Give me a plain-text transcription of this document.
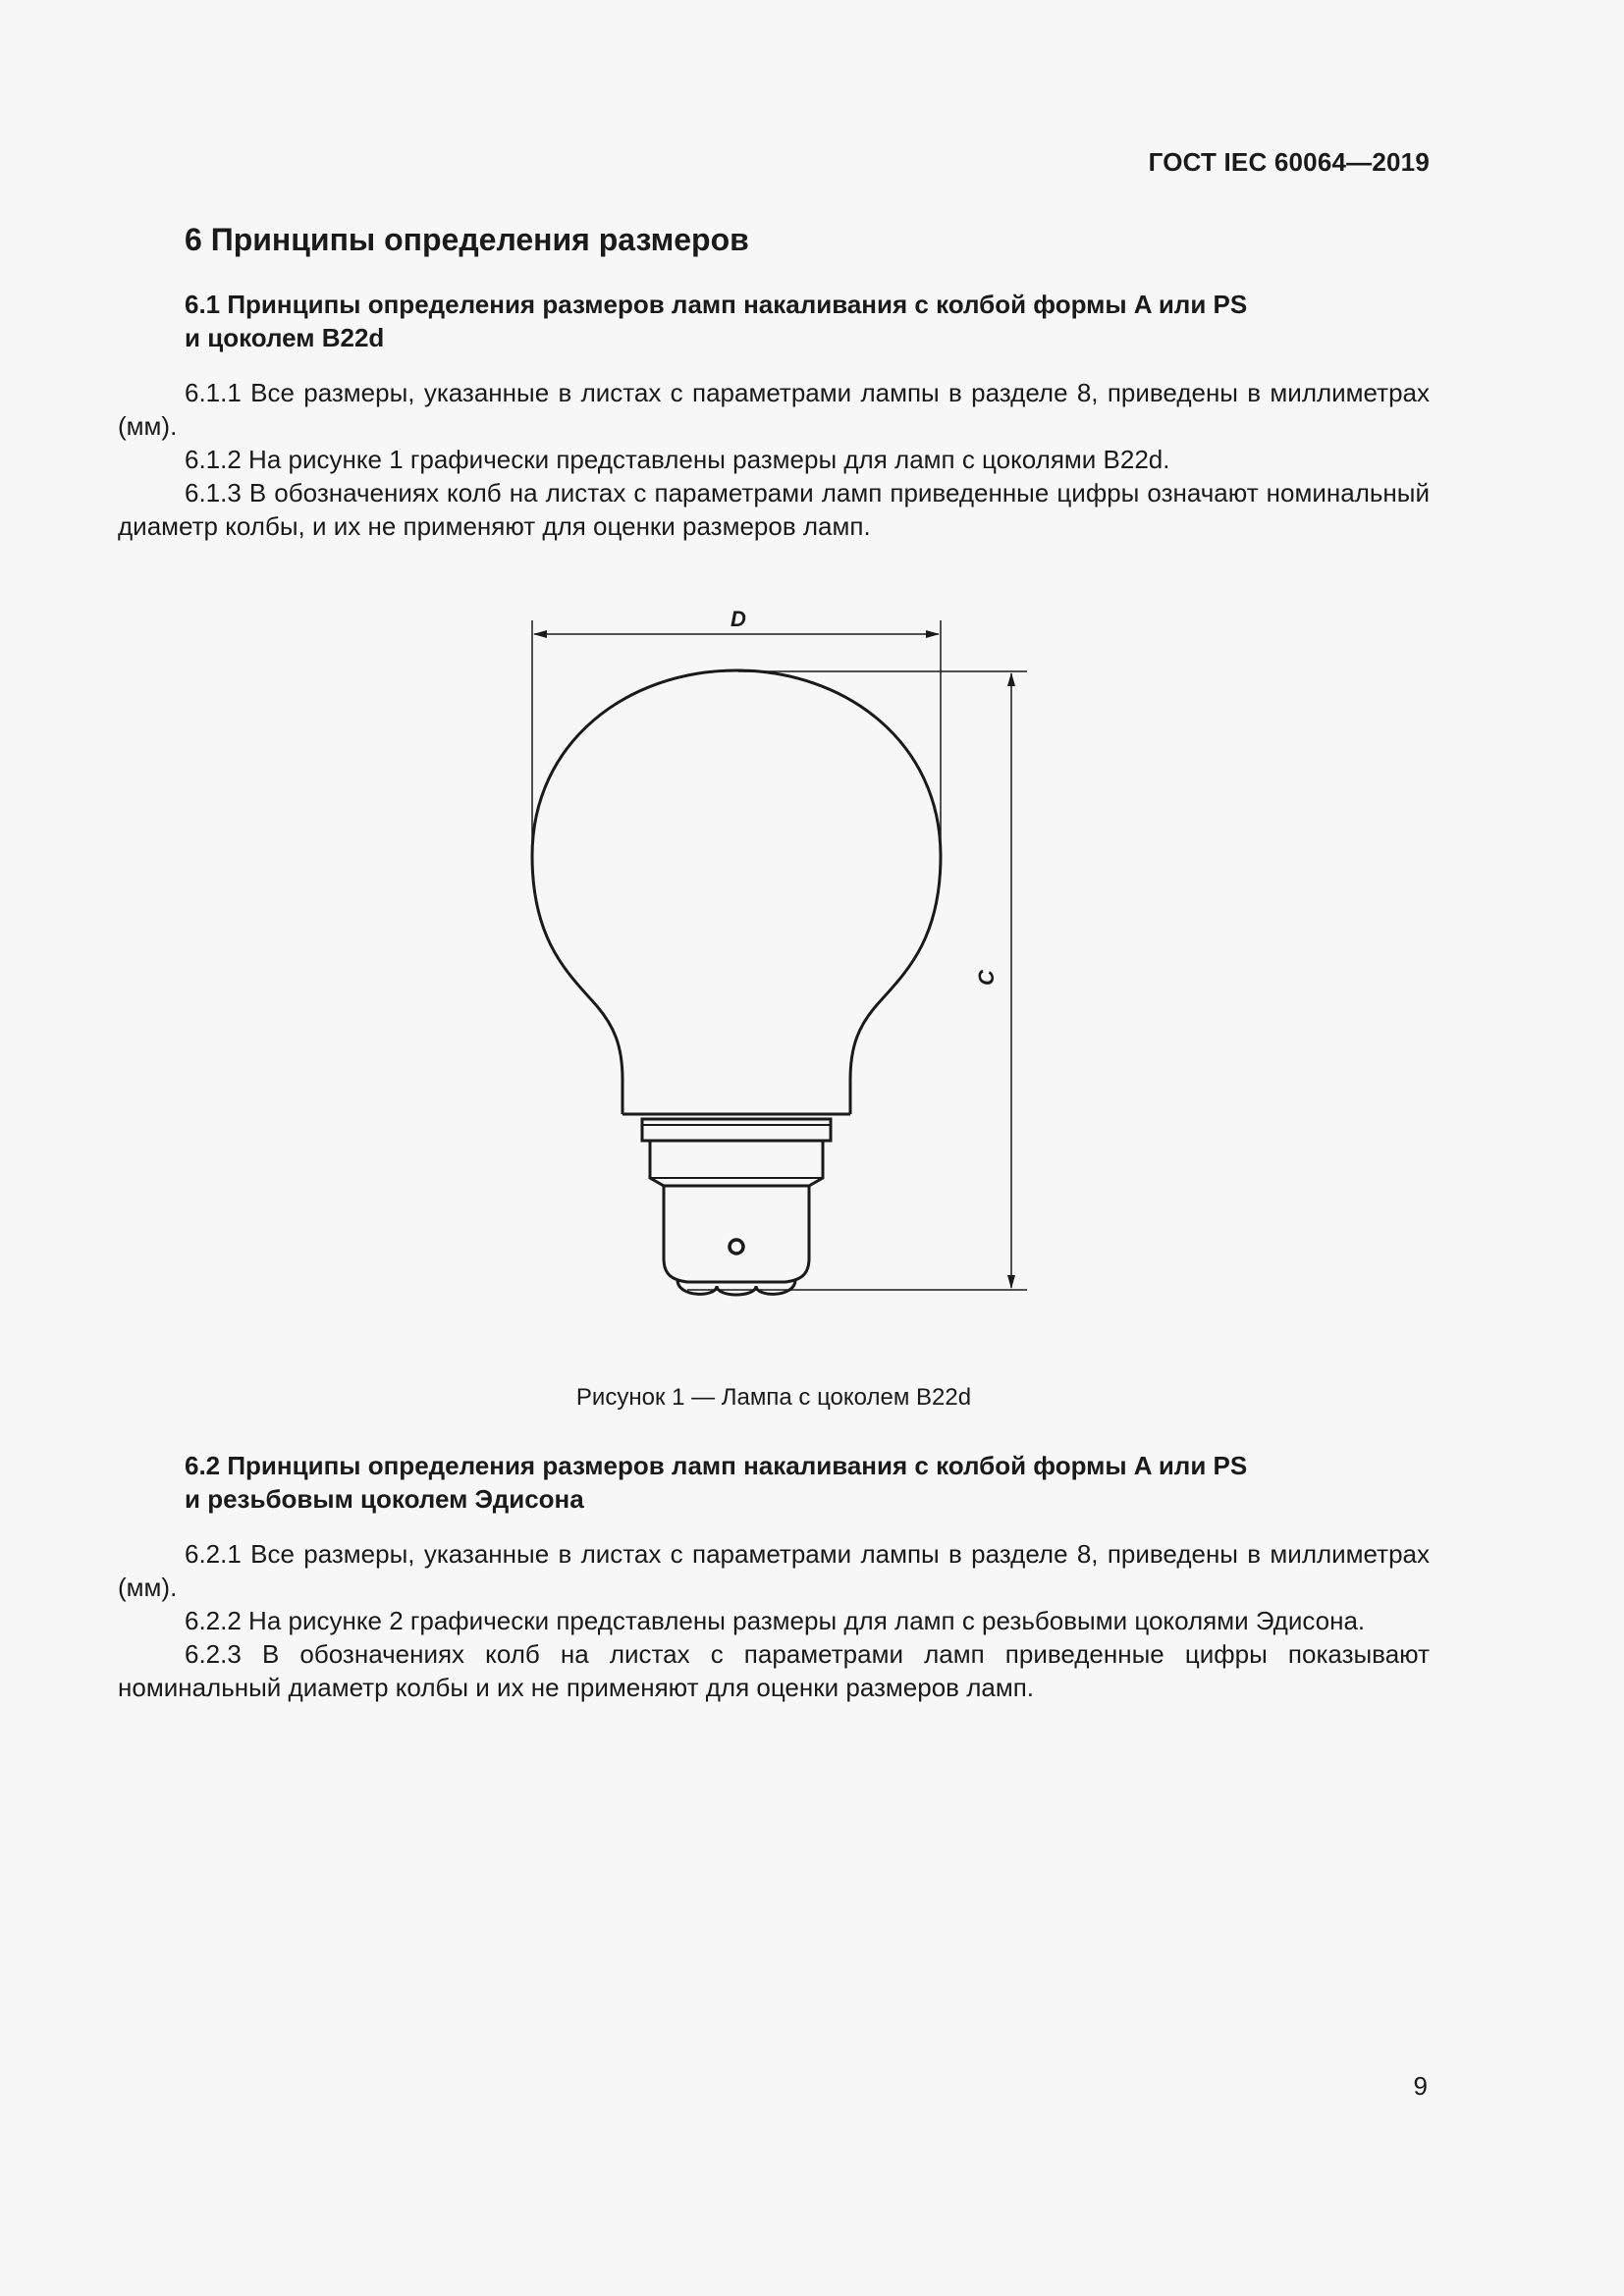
ГОСТ IEC 60064—2019
6 Принципы определения размеров
6.1 Принципы определения размеров ламп накаливания с колбой формы A или PS
и цоколем B22d

6.1.1 Все размеры, указанные в листах с параметрами лампы в разделе 8, приведены в миллиметрах (мм).

6.1.2 На рисунке 1 графически представлены размеры для ламп с цоколями B22d.

6.1.3 В обозначениях колб на листах с параметрами ламп приведенные цифры означают номинальный диаметр колбы, и их не применяют для оценки размеров ламп.

D
C
Рисунок 1 — Лампа с цоколем B22d
6.2 Принципы определения размеров ламп накаливания с колбой формы A или PS
и резьбовым цоколем Эдисона

6.2.1 Все размеры, указанные в листах с параметрами лампы в разделе 8, приведены в миллиметрах (мм).

6.2.2 На рисунке 2 графически представлены размеры для ламп с резьбовыми цоколями Эдисона.

6.2.3 В обозначениях колб на листах с параметрами ламп приведенные цифры показывают номинальный диаметр колбы и их не применяют для оценки размеров ламп.

9
